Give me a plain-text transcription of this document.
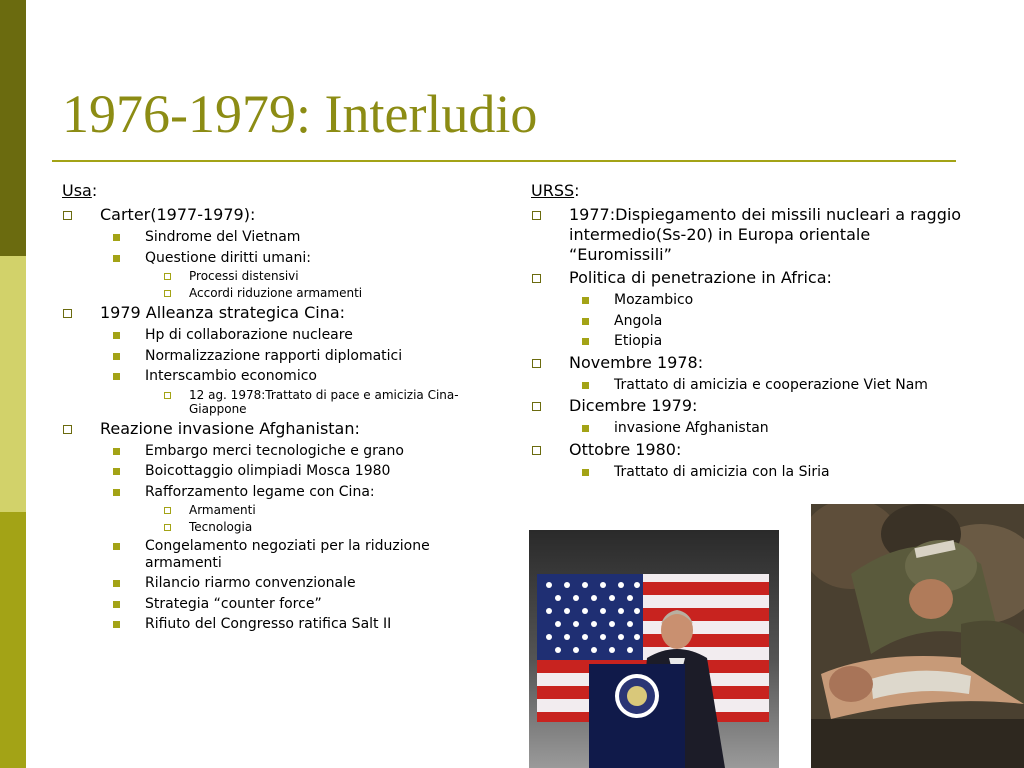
1976-1979: Interludio

Usa:

Carter(1977-1979):
Sindrome del Vietnam
Questione diritti umani:
Processi distensivi
Accordi riduzione armamenti
1979 Alleanza strategica Cina:
Hp di collaborazione nucleare
Normalizzazione rapporti diplomatici
Interscambio economico
12 ag. 1978:Trattato di pace e amicizia Cina-Giappone
Reazione invasione Afghanistan:
Embargo merci tecnologiche e grano
Boicottaggio olimpiadi Mosca 1980
Rafforzamento legame con Cina:
Armamenti
Tecnologia
Congelamento negoziati per la riduzione armamenti
Rilancio riarmo convenzionale
Strategia “counter force”
Rifiuto del Congresso ratifica Salt II

URSS:

1977:Dispiegamento dei missili nucleari a raggio intermedio(Ss-20) in Europa orientale “Euromissili”
Politica di penetrazione in Africa:
Mozambico
Angola
Etiopia
Novembre 1978:
Trattato di amicizia e cooperazione Viet Nam
Dicembre 1979:
invasione Afghanistan
Ottobre 1980:
Trattato di amicizia con la Siria
